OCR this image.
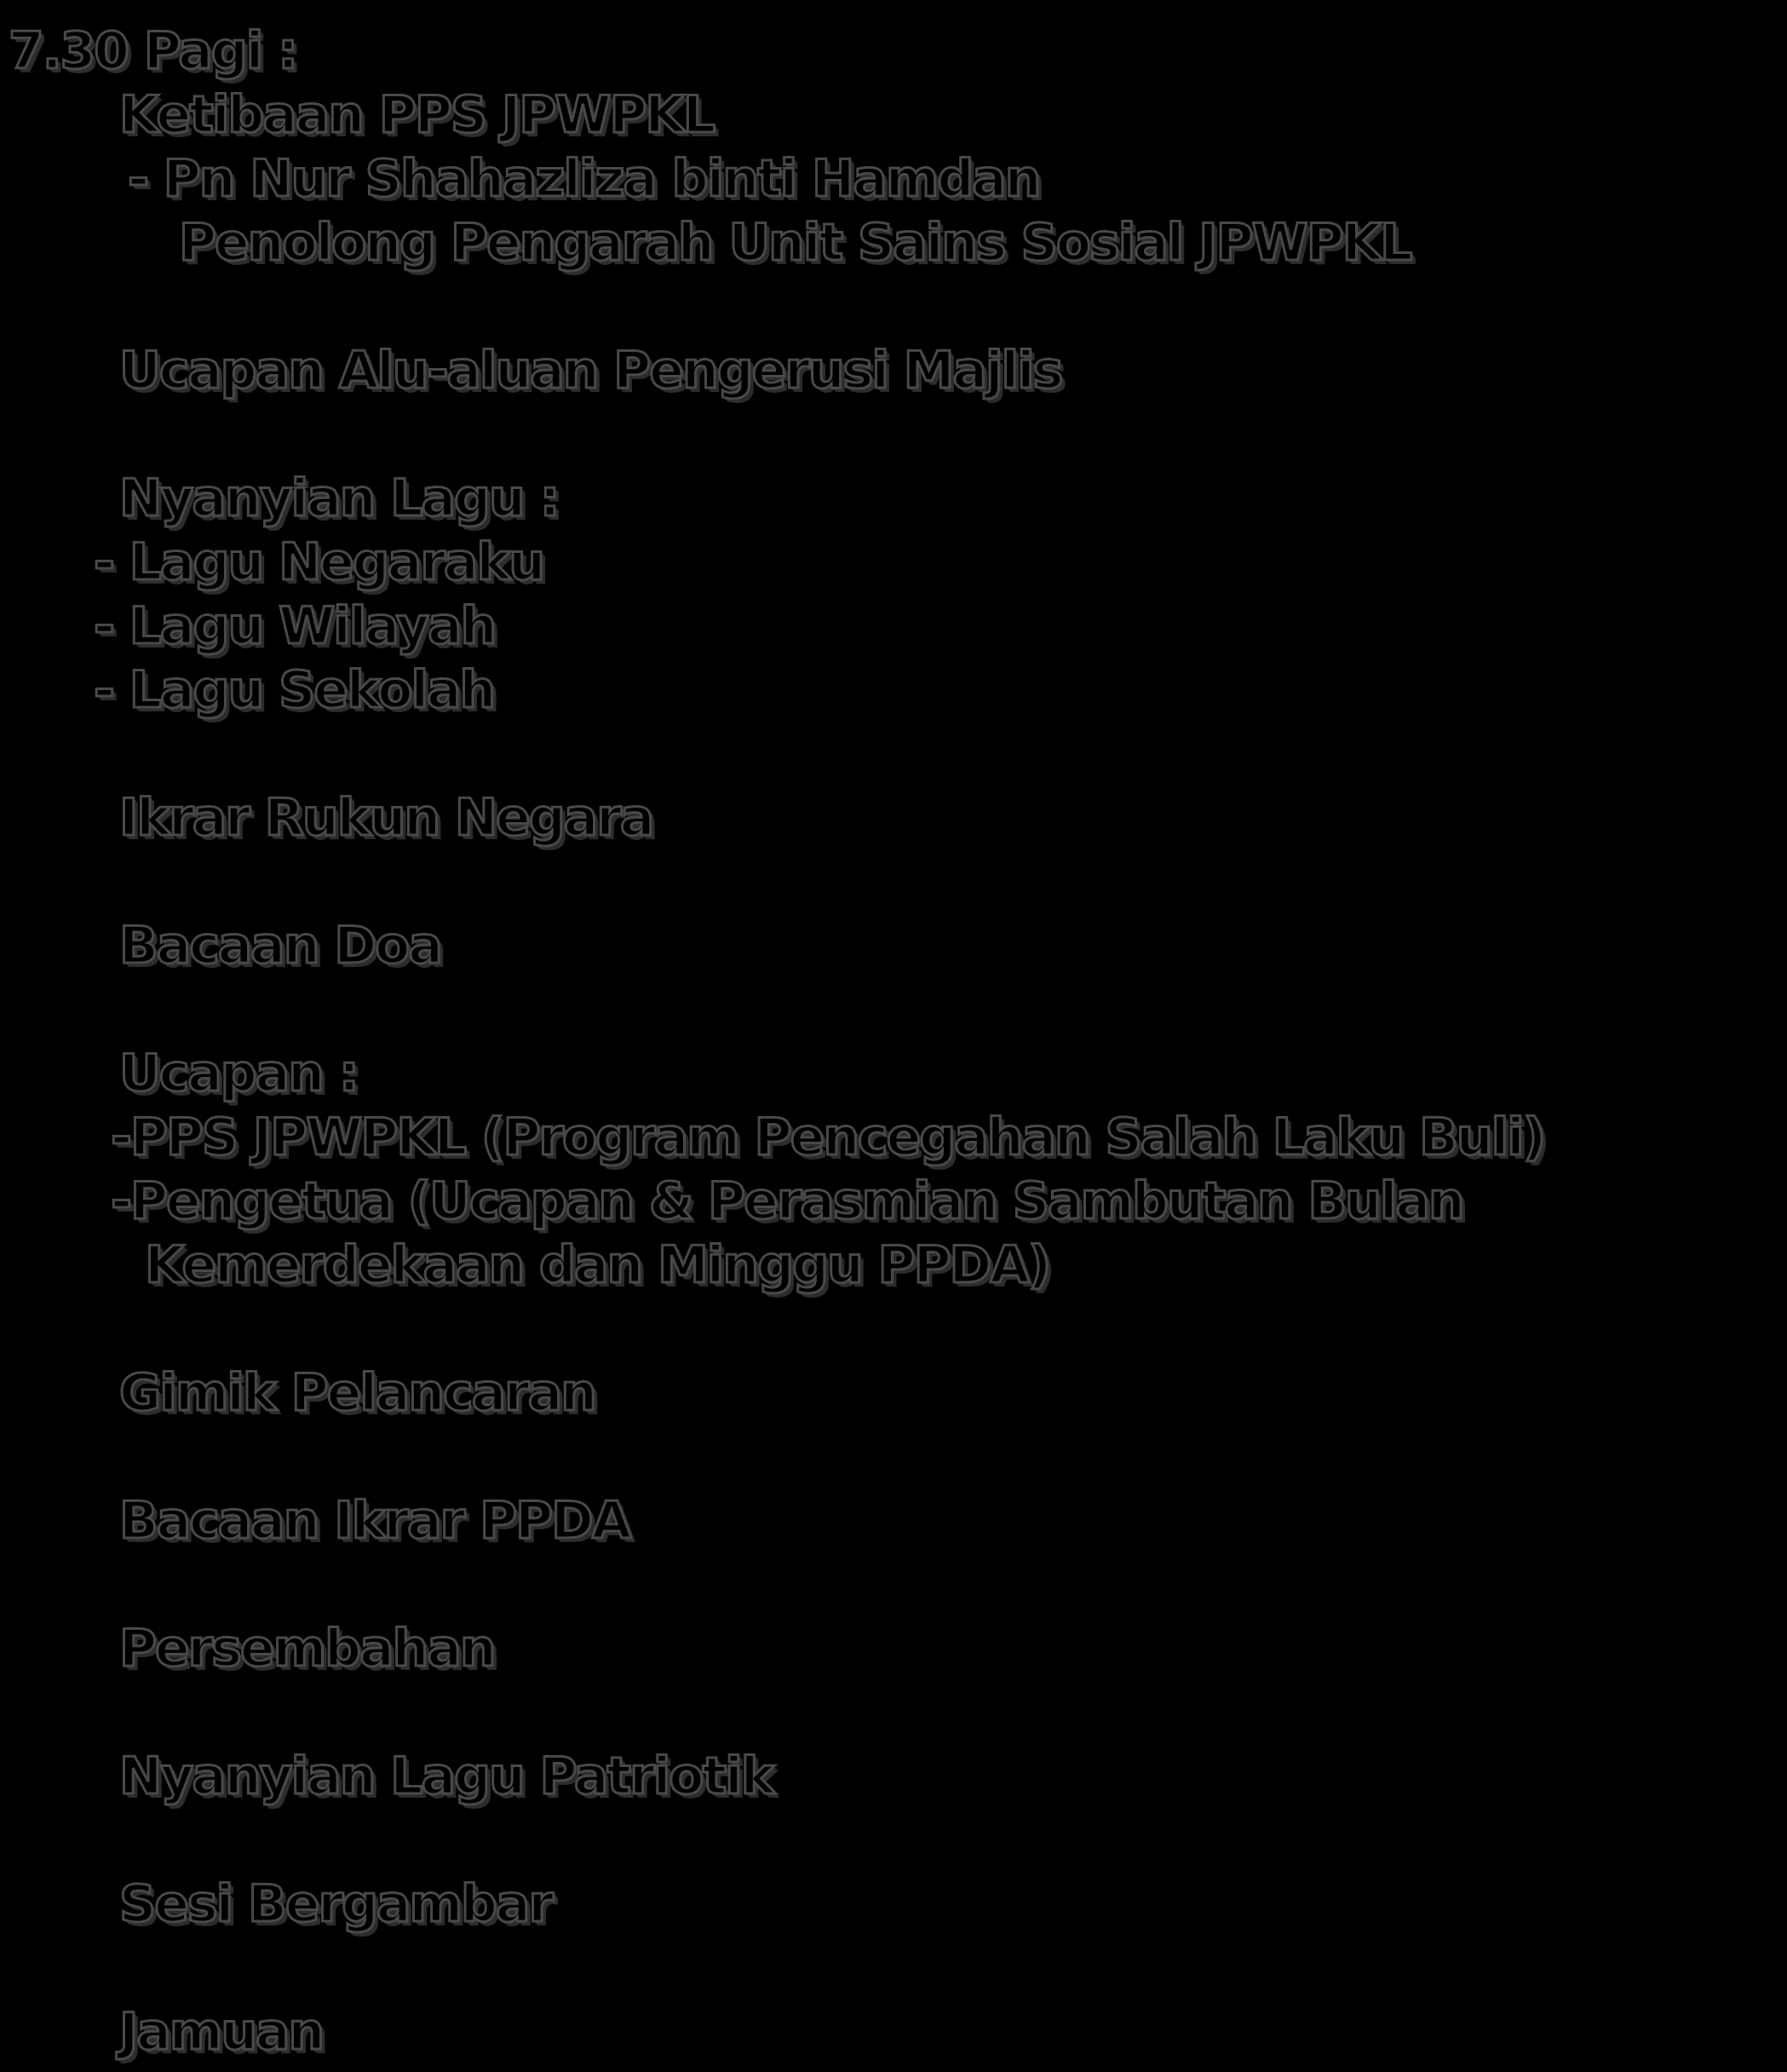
7.30 Pagi :
Ketibaan PPS JPWPKL
- Pn Nur Shahazliza binti Hamdan
Penolong Pengarah Unit Sains Sosial JPWPKL
Ucapan Alu-aluan Pengerusi Majlis
Nyanyian Lagu :
- Lagu Negaraku
- Lagu Wilayah
- Lagu Sekolah
Ikrar Rukun Negara
Bacaan Doa
Ucapan :
-PPS JPWPKL (Program Pencegahan Salah Laku Buli)
-Pengetua (Ucapan & Perasmian Sambutan Bulan
Kemerdekaan dan Minggu PPDA)
Gimik Pelancaran
Bacaan Ikrar PPDA
Persembahan
Nyanyian Lagu Patriotik
Sesi Bergambar
Jamuan
